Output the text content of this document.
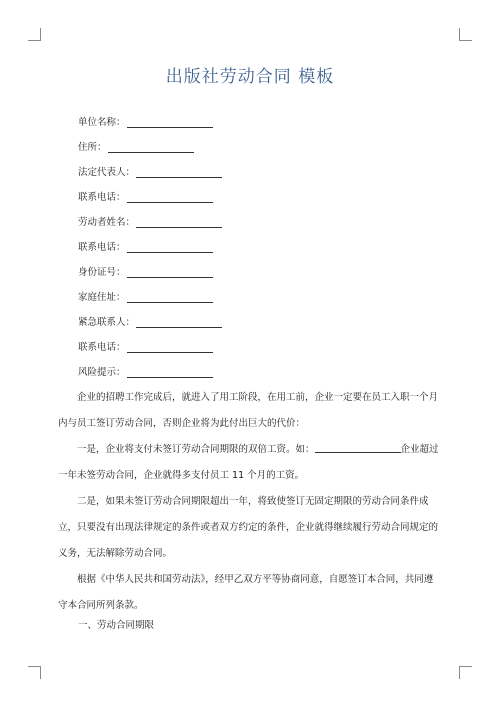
出版社劳动合同 模板
单位名称：
住所：
法定代表人：
联系电话：
劳动者姓名：
联系电话：
身份证号：
家庭住址：
紧急联系人：
联系电话：
风险提示：

企业的招聘工作完成后，就进入了用工阶段，在用工前，企业一定要在员工入职一个月内与员工签订劳动合同，否则企业将为此付出巨大的代价：

一是，企业将支付未签订劳动合同期限的双倍工资。如：	企业超过一年未签劳动合同，企业就得多支付员工 11 个月的工资。

二是，如果未签订劳动合同期限超出一年，将致使签订无固定期限的劳动合同条件成立，只要没有出现法律规定的条件或者双方约定的条件，企业就得继续履行劳动合同规定的义务，无法解除劳动合同。

根据《中华人民共和国劳动法》，经甲乙双方平等协商同意，自愿签订本合同，共同遵守本合同所列条款。

一、劳动合同期限
